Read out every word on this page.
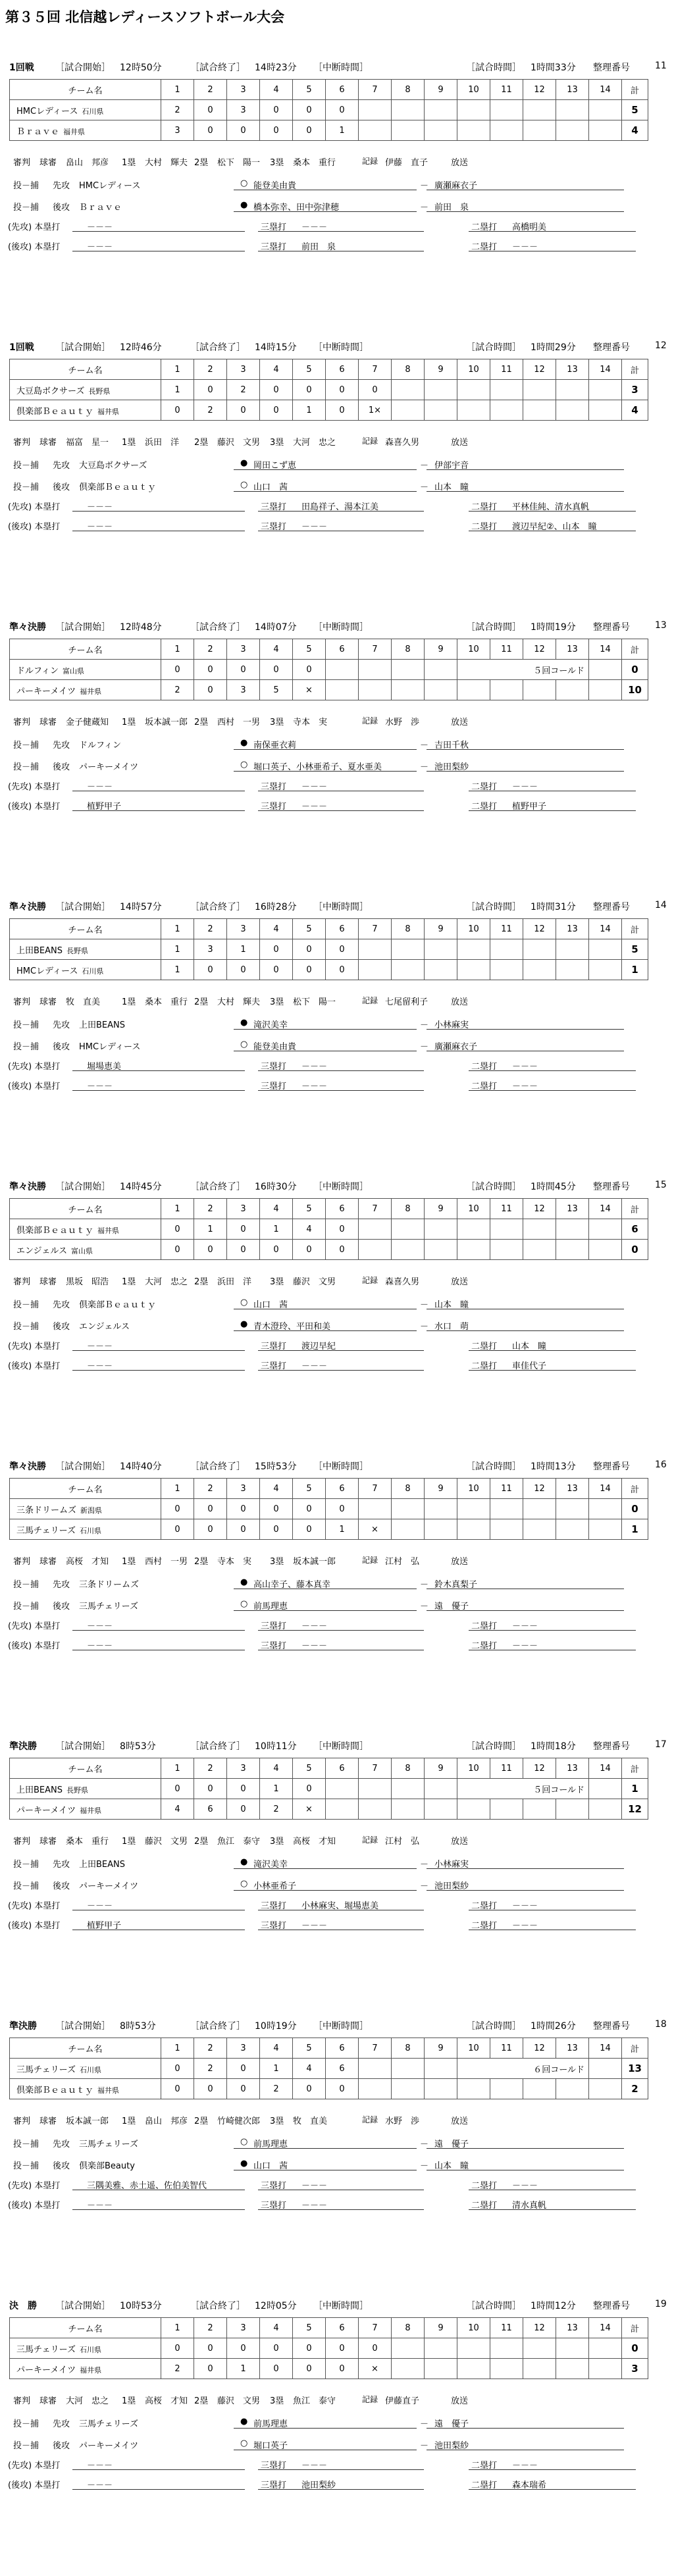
第３５回 北信越レディースソフトボール大会
1回戦 ［試合開始］ 12時50分	［試合終了］ 14時23分 ［中断時間］	［試合時間］ 1時間33分 整理番号	11
チーム名	1	2	3	4	5	6	7	8	9	10	11	12	13	14	計
HMCレディース 石川県	2	0	3	0	0	0									5
Ｂｒａｖｅ 福井県	3	0	0	0	0	1									4
審判 球審 畠山　邦彦 1塁 大村　輝夫 2塁 松下　陽一 3塁 桑本　重行	記録 伊藤　直子	放送
投－捕 先攻 HMCレディース	○ 能登美由貴	－ 廣瀬麻衣子
投－捕 後攻 Ｂｒａｖｅ	● 橋本弥幸、田中弥津穂	－ 前田　泉
(先攻) 本塁打	－－－	三塁打 －－－	二塁打 高橋明美
(後攻) 本塁打	－－－	三塁打 前田　泉	二塁打 －－－
1回戦 ［試合開始］ 12時46分	［試合終了］ 14時15分 ［中断時間］	［試合時間］ 1時間29分 整理番号	12
チーム名	1	2	3	4	5	6	7	8	9	10	11	12	13	14	計
大豆島ボクサーズ 長野県	1	0	2	0	0	0	0								3
倶楽部Ｂｅａｕｔｙ 福井県	0	2	0	0	1	0	1×								4
審判 球審 福富　星一 1塁 浜田　洋 2塁 藤沢　文男 3塁 大河　忠之	記録 森喜久男	放送
投－捕 先攻 大豆島ボクサーズ	● 岡田こず恵	－ 伊部宇音
投－捕 後攻 倶楽部Ｂｅａｕｔｙ	○ 山口　茜	－ 山本　瞳
(先攻) 本塁打	－－－	三塁打 田島祥子、湯本江美	二塁打 平林佳純、清水真帆
(後攻) 本塁打	－－－	三塁打 －－－	二塁打 渡辺早紀②、山本　瞳
準々決勝 ［試合開始］ 12時48分	［試合終了］ 14時07分 ［中断時間］	［試合時間］ 1時間19分 整理番号	13
チーム名	1	2	3	4	5	6	7	8	9	10	11	12	13	14	計
ドルフィン 富山県	0	0	0	0	0					５回コールド					0
パーキーメイツ 福井県	2	0	3	5	×										10
審判 球審 金子健蔵知 1塁 坂本誠一郎 2塁 西村　一男 3塁 寺本　実	記録 水野　渉	放送
投－捕 先攻 ドルフィン	● 南保亜衣莉	－ 吉田千秋
投－捕 後攻 パーキーメイツ	○ 堀口英子、小林亜希子、夏水亜美	－ 池田梨紗
(先攻) 本塁打	－－－	三塁打 －－－	二塁打 －－－
(後攻) 本塁打	植野甲子	三塁打 －－－	二塁打 植野甲子
準々決勝 ［試合開始］ 14時57分	［試合終了］ 16時28分 ［中断時間］	［試合時間］ 1時間31分 整理番号	14
チーム名	1	2	3	4	5	6	7	8	9	10	11	12	13	14	計
上田BEANS 長野県	1	3	1	0	0	0									5
HMCレディース 石川県	1	0	0	0	0	0									1
審判 球審 牧　直美	1塁 桑本　重行 2塁 大村　輝夫 3塁 松下　陽一	記録 七尾留利子	放送
投－捕 先攻 上田BEANS	● 滝沢美幸	－ 小林麻実
投－捕 後攻 HMCレディース	○ 能登美由貴	－ 廣瀬麻衣子
(先攻) 本塁打	堀場恵美	三塁打 －－－	二塁打 －－－
(後攻) 本塁打	－－－	三塁打 －－－	二塁打 －－－
準々決勝 ［試合開始］ 14時45分	［試合終了］ 16時30分 ［中断時間］	［試合時間］ 1時間45分 整理番号	15
チーム名	1	2	3	4	5	6	7	8	9	10	11	12	13	14	計
倶楽部Ｂｅａｕｔｙ 福井県	0	1	0	1	4	0									6
エンジェルス 富山県	0	0	0	0	0	0									0
審判 球審 黒坂　昭浩 1塁 大河　忠之 2塁 浜田　洋 3塁 藤沢　文男	記録 森喜久男	放送
投－捕 先攻 倶楽部Ｂｅａｕｔｙ	○ 山口　茜	－ 山本　瞳
投－捕 後攻 エンジェルス	● 青木澄玲、平田和美	－ 水口　萌
(先攻) 本塁打	－－－	三塁打 渡辺早紀	二塁打 山本　瞳
(後攻) 本塁打	－－－	三塁打 －－－	二塁打 車佳代子
準々決勝 ［試合開始］ 14時40分	［試合終了］ 15時53分 ［中断時間］	［試合時間］ 1時間13分 整理番号	16
チーム名	1	2	3	4	5	6	7	8	9	10	11	12	13	14	計
三条ドリームズ 新潟県	0	0	0	0	0	0									0
三馬チェリーズ 石川県	0	0	0	0	0	1	×								1
審判 球審 高桜　才知 1塁 西村　一男 2塁 寺本　実 3塁 坂本誠一郎	記録 江村　弘	放送
投－捕 先攻 三条ドリームズ	● 高山幸子、藤本真幸	－ 鈴木真梨子
投－捕 後攻 三馬チェリーズ	○ 前馬理恵	－ 遠　優子
(先攻) 本塁打	－－－	三塁打 －－－	二塁打 －－－
(後攻) 本塁打	－－－	三塁打 －－－	二塁打 －－－
準決勝 ［試合開始］ 8時53分	［試合終了］ 10時11分 ［中断時間］	［試合時間］ 1時間18分 整理番号	17
チーム名	1	2	3	4	5	6	7	8	9	10	11	12	13	14	計
上田BEANS 長野県	0	0	0	1	0					５回コールド					1
パーキーメイツ 福井県	4	6	0	2	×										12
審判 球審 桑本　重行 1塁 藤沢　文男 2塁 魚江　泰守 3塁 高桜　才知	記録 江村　弘	放送
投－捕 先攻 上田BEANS	● 滝沢美幸	－ 小林麻実
投－捕 後攻 パーキーメイツ	○ 小林亜希子	－ 池田梨紗
(先攻) 本塁打	－－－	三塁打 小林麻実、堀場恵美	二塁打 －－－
(後攻) 本塁打	植野甲子	三塁打 －－－	二塁打 －－－
準決勝 ［試合開始］ 8時53分	［試合終了］ 10時19分 ［中断時間］	［試合時間］ 1時間26分 整理番号	18
チーム名	1	2	3	4	5	6	7	8	9	10	11	12	13	14	計
三馬チェリーズ 石川県	0	2	0	1	4	6				６回コールド					13
倶楽部Ｂｅａｕｔｙ 福井県	0	0	0	2	0	0									2
審判 球審 坂本誠一郎 1塁 畠山　邦彦 2塁 竹崎健次郎 3塁 牧　直美	記録 水野　渉	放送
投－捕 先攻 三馬チェリーズ	○ 前馬理恵	－ 遠　優子
投－捕 後攻 倶楽部Beauty	● 山口　茜	－ 山本　瞳
(先攻) 本塁打	三隅美雅、赤土遥、佐伯美智代	三塁打 －－－	二塁打 －－－
(後攻) 本塁打	－－－	三塁打 －－－	二塁打 清水真帆
決　勝 ［試合開始］ 10時53分	［試合終了］ 12時05分 ［中断時間］	［試合時間］ 1時間12分 整理番号	19
チーム名	1	2	3	4	5	6	7	8	9	10	11	12	13	14	計
三馬チェリーズ 石川県	0	0	0	0	0	0	0								0
パーキーメイツ 福井県	2	0	1	0	0	0	×								3
審判 球審 大河　忠之 1塁 高桜　才知 2塁 藤沢　文男 3塁 魚江　泰守	記録 伊藤直子	放送
投－捕 先攻 三馬チェリーズ	● 前馬理恵	－ 遠　優子
投－捕 後攻 パーキーメイツ	○ 堀口英子	－ 池田梨紗
(先攻) 本塁打	－－－	三塁打 －－－	二塁打 －－－
(後攻) 本塁打	－－－	三塁打 池田梨紗	二塁打 森本瑞希
